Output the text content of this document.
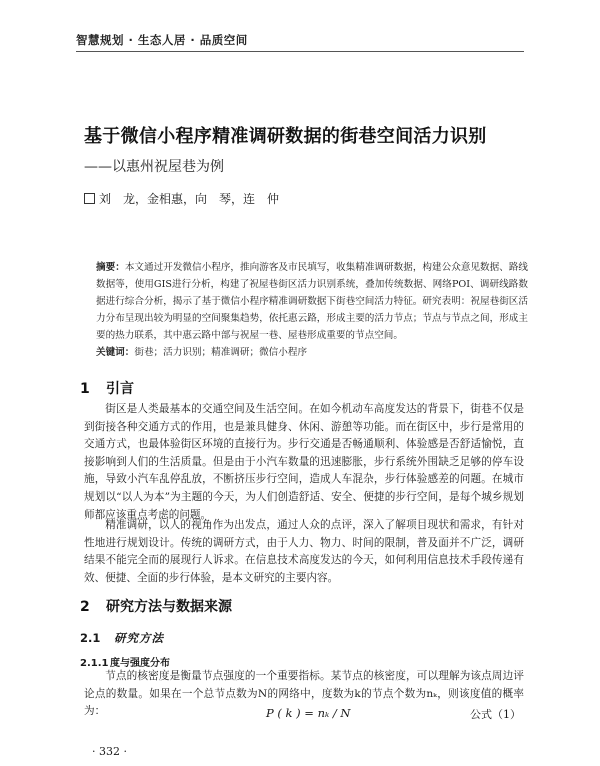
智慧规划 · 生态人居 · 品质空间
基于微信小程序精准调研数据的街巷空间活力识别
——以惠州祝屋巷为例
刘　龙，金相惠，向　琴，连　仲
摘要：本文通过开发微信小程序，推向游客及市民填写，收集精准调研数据，构建公众意见数据、路线数据等，使用GIS进行分析，构建了祝屋巷街区活力识别系统，叠加传统数据、网络POI、调研线路数据进行综合分析，揭示了基于微信小程序精准调研数据下街巷空间活力特征。研究表明：祝屋巷街区活力分布呈现出较为明显的空间聚集趋势，依托惠云路，形成主要的活力节点；节点与节点之间，形成主要的热力联系，其中惠云路中部与祝屋一巷、屋巷形成重要的节点空间。
关键词：街巷；活力识别；精准调研；微信小程序
1 引言
街区是人类最基本的交通空间及生活空间。在如今机动车高度发达的背景下，街巷不仅是到街接各种交通方式的作用，也是兼具健身、休闲、游憩等功能。而在街区中，步行是常用的交通方式，也最体验街区环境的直接行为。步行交通是否畅通顺利、体验感是否舒适愉悦，直接影响到人们的生活质量。但是由于小汽车数量的迅速膨胀，步行系统外围缺乏足够的停车设施，导致小汽车乱停乱放，不断挤压步行空间，造成人车混杂，步行体验感差的问题。在城市规划以“以人为本”为主题的今天，为人们创造舒适、安全、便捷的步行空间，是每个城乡规划师都应该重点考虑的问题。
精准调研，以人的视角作为出发点，通过人众的点评，深入了解项目现状和需求，有针对性地进行规划设计。传统的调研方式，由于人力、物力、时间的限制，普及面并不广泛，调研结果不能完全而的展现行人诉求。在信息技术高度发达的今天，如何利用信息技术手段传递有效、便捷、全面的步行体验，是本文研究的主要内容。
2 研究方法与数据来源
2.1 研究方法
2.1.1 度与强度分布
节点的核密度是衡量节点强度的一个重要指标。某节点的核密度，可以理解为该点周边评论点的数量。如果在一个总节点数为N的网络中，度数为k的节点个数为nₖ，则该度值的概率为：	P ( k ) = nₖ / N	公式（1）
· 332 ·
